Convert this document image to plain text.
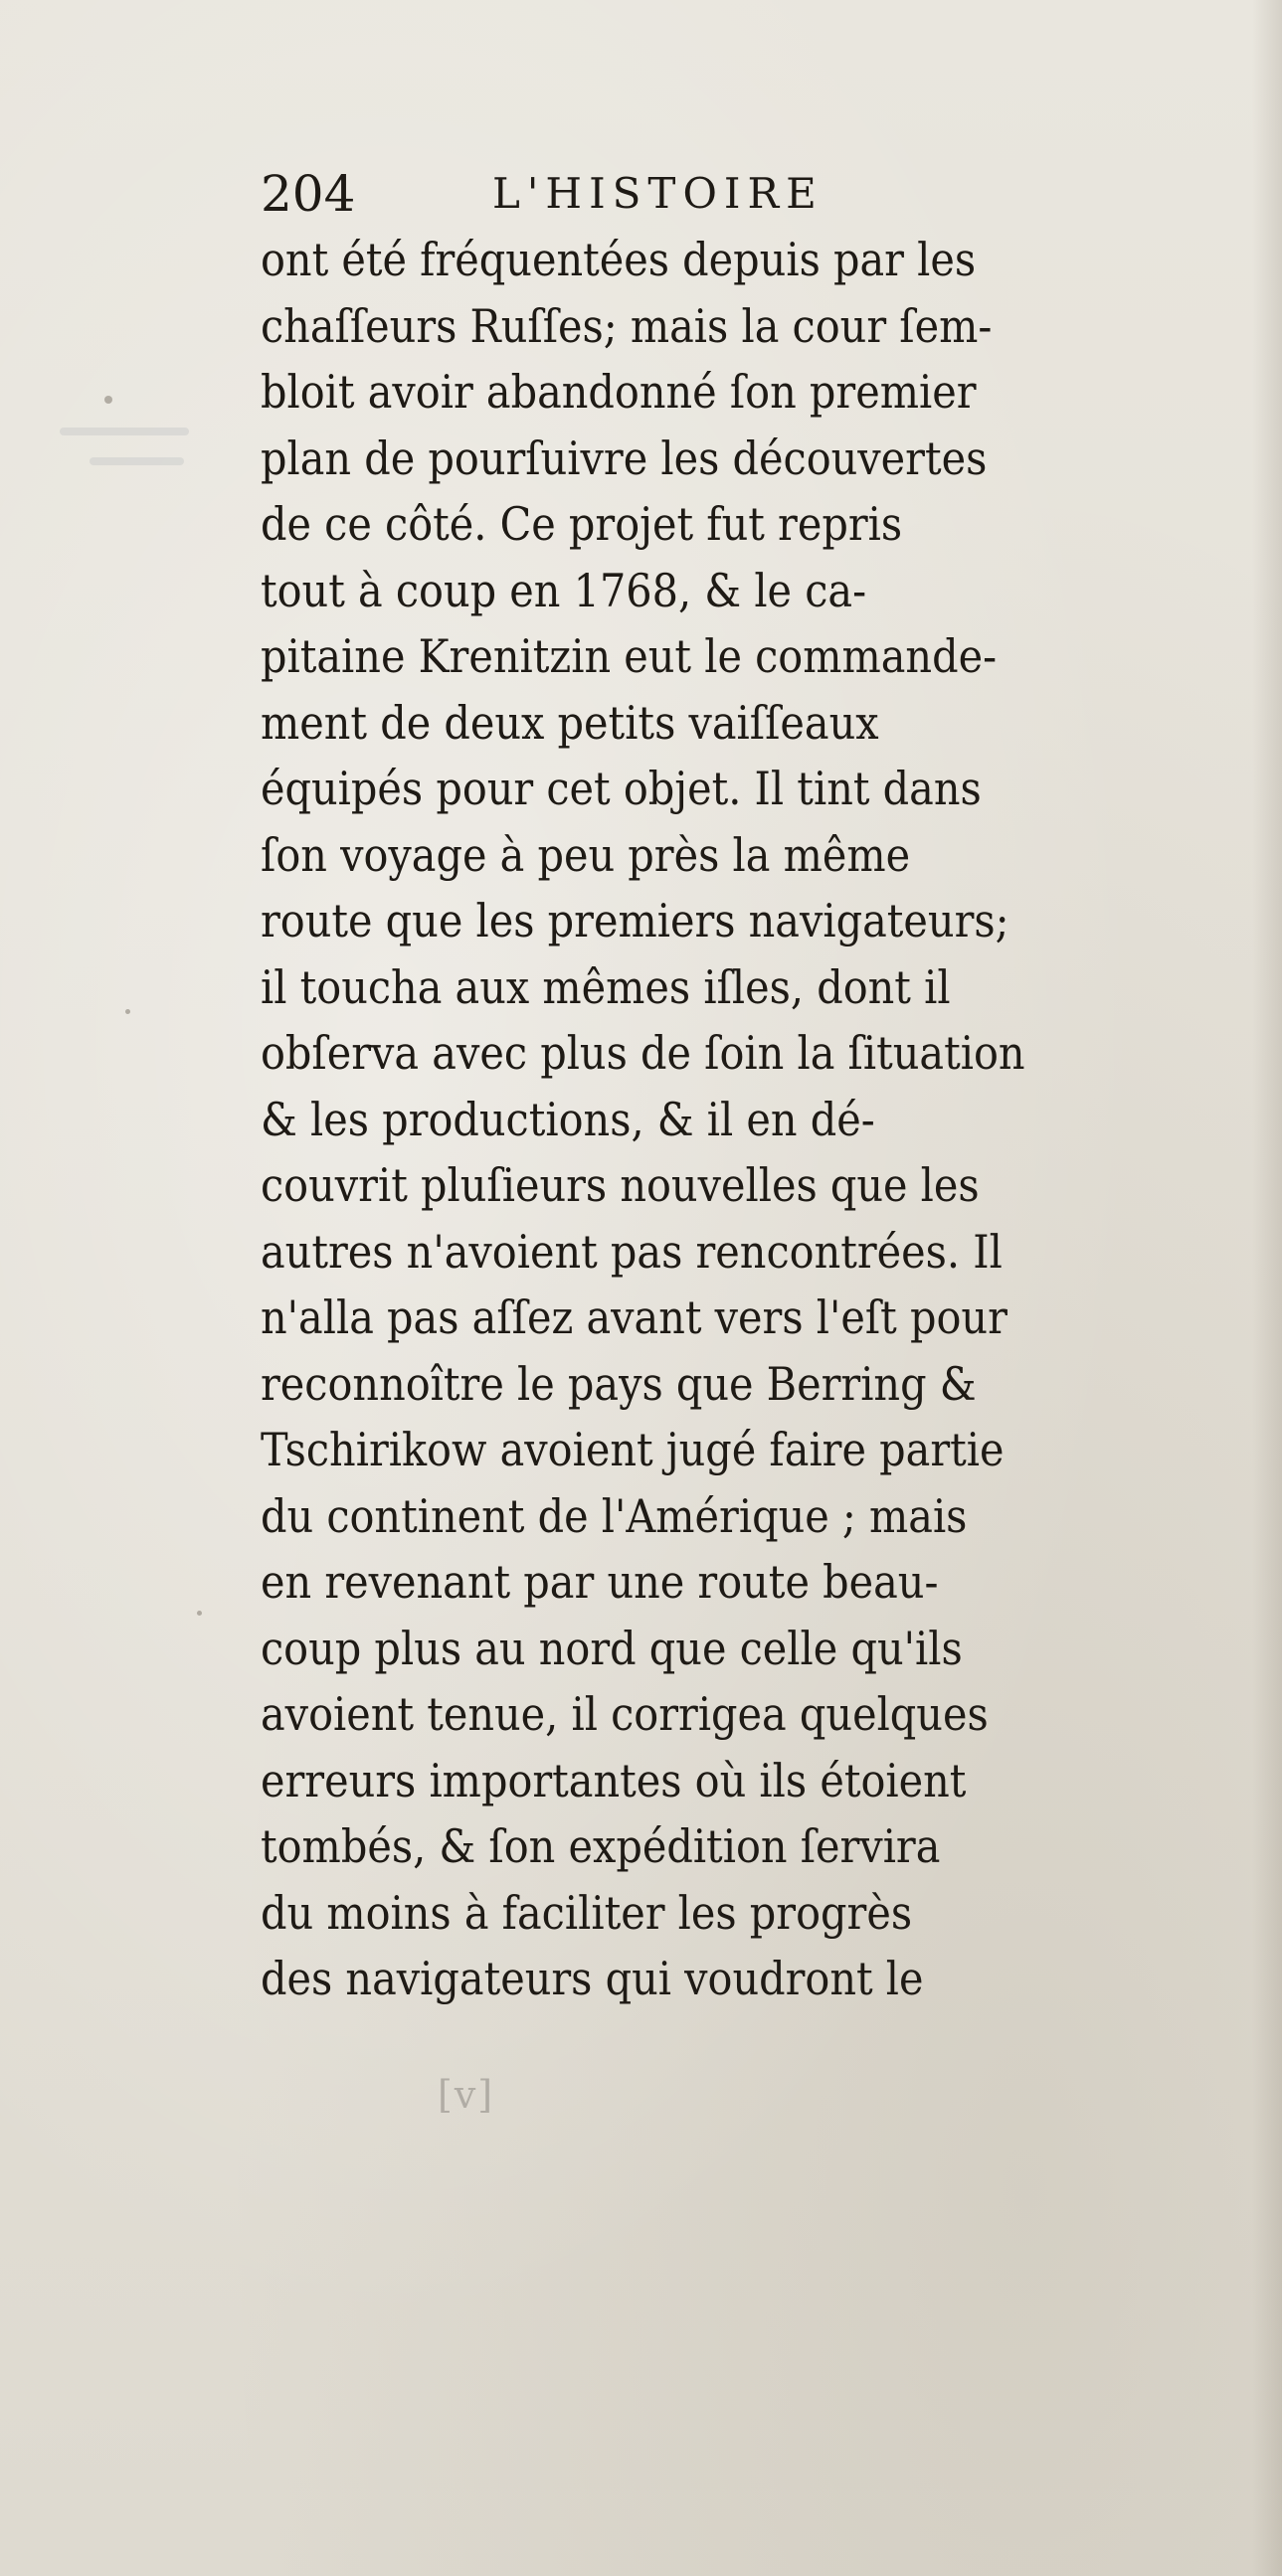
204	L'HISTOIRE
ont été fréquentées depuis par les
chaſſeurs Ruſſes; mais la cour ſem-
bloit avoir abandonné ſon premier
plan de pourſuivre les découvertes
de ce côté. Ce projet fut repris
tout à coup en 1768, & le ca-
pitaine Krenitzin eut le commande-
ment de deux petits vaiſſeaux
équipés pour cet objet. Il tint dans
ſon voyage à peu près la même
route que les premiers navigateurs;
il toucha aux mêmes iſles, dont il
obſerva avec plus de ſoin la ſituation
& les productions, & il en dé-
couvrit pluſieurs nouvelles que les
autres n'avoient pas rencontrées. Il
n'alla pas aſſez avant vers l'eſt pour
reconnoître le pays que Berring &
Tschirikow avoient jugé faire partie
du continent de l'Amérique ; mais
en revenant par une route beau-
coup plus au nord que celle qu'ils
avoient tenue, il corrigea quelques
erreurs importantes où ils étoient
tombés, & ſon expédition ſervira
du moins à faciliter les progrès
des navigateurs qui voudront le
[v]
